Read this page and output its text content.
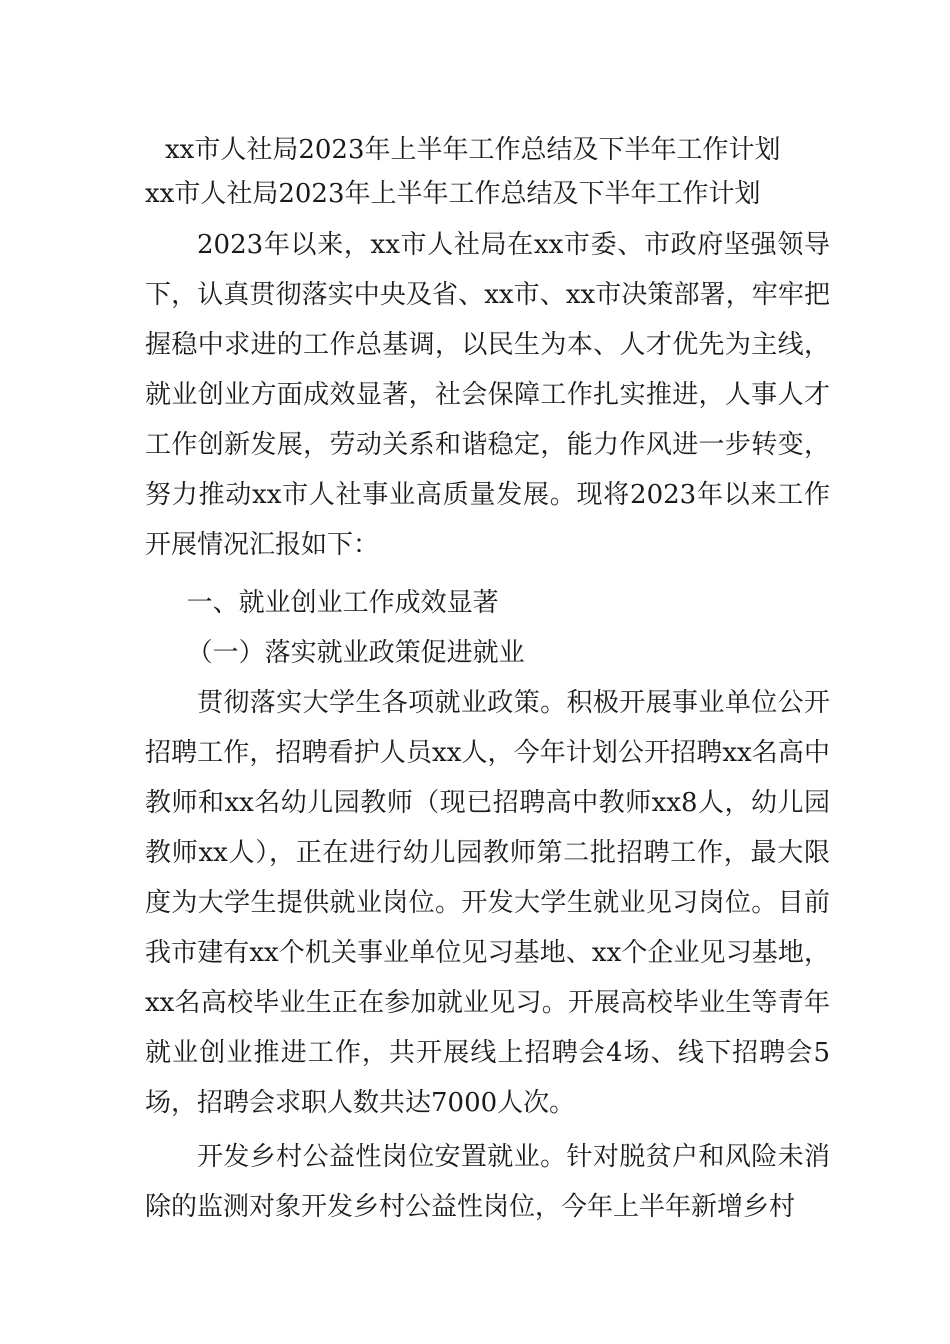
xx市人社局2023年上半年工作总结及下半年工作计划

xx市人社局2023年上半年工作总结及下半年工作计划

2023年以来，xx市人社局在xx市委、市政府坚强领导下，认真贯彻落实中央及省、xx市、xx市决策部署，牢牢把握稳中求进的工作总基调，以民生为本、人才优先为主线，就业创业方面成效显著，社会保障工作扎实推进，人事人才工作创新发展，劳动关系和谐稳定，能力作风进一步转变，努力推动xx市人社事业高质量发展。现将2023年以来工作开展情况汇报如下：

一、就业创业工作成效显著

（一）落实就业政策促进就业

贯彻落实大学生各项就业政策。积极开展事业单位公开招聘工作，招聘看护人员xx人，今年计划公开招聘xx名高中教师和xx名幼儿园教师（现已招聘高中教师xx8人，幼儿园教师xx人），正在进行幼儿园教师第二批招聘工作，最大限度为大学生提供就业岗位。开发大学生就业见习岗位。目前我市建有xx个机关事业单位见习基地、xx个企业见习基地，xx名高校毕业生正在参加就业见习。开展高校毕业生等青年就业创业推进工作，共开展线上招聘会4场、线下招聘会5场，招聘会求职人数共达7000人次。

开发乡村公益性岗位安置就业。针对脱贫户和风险未消除的监测对象开发乡村公益性岗位，今年上半年新增乡村
